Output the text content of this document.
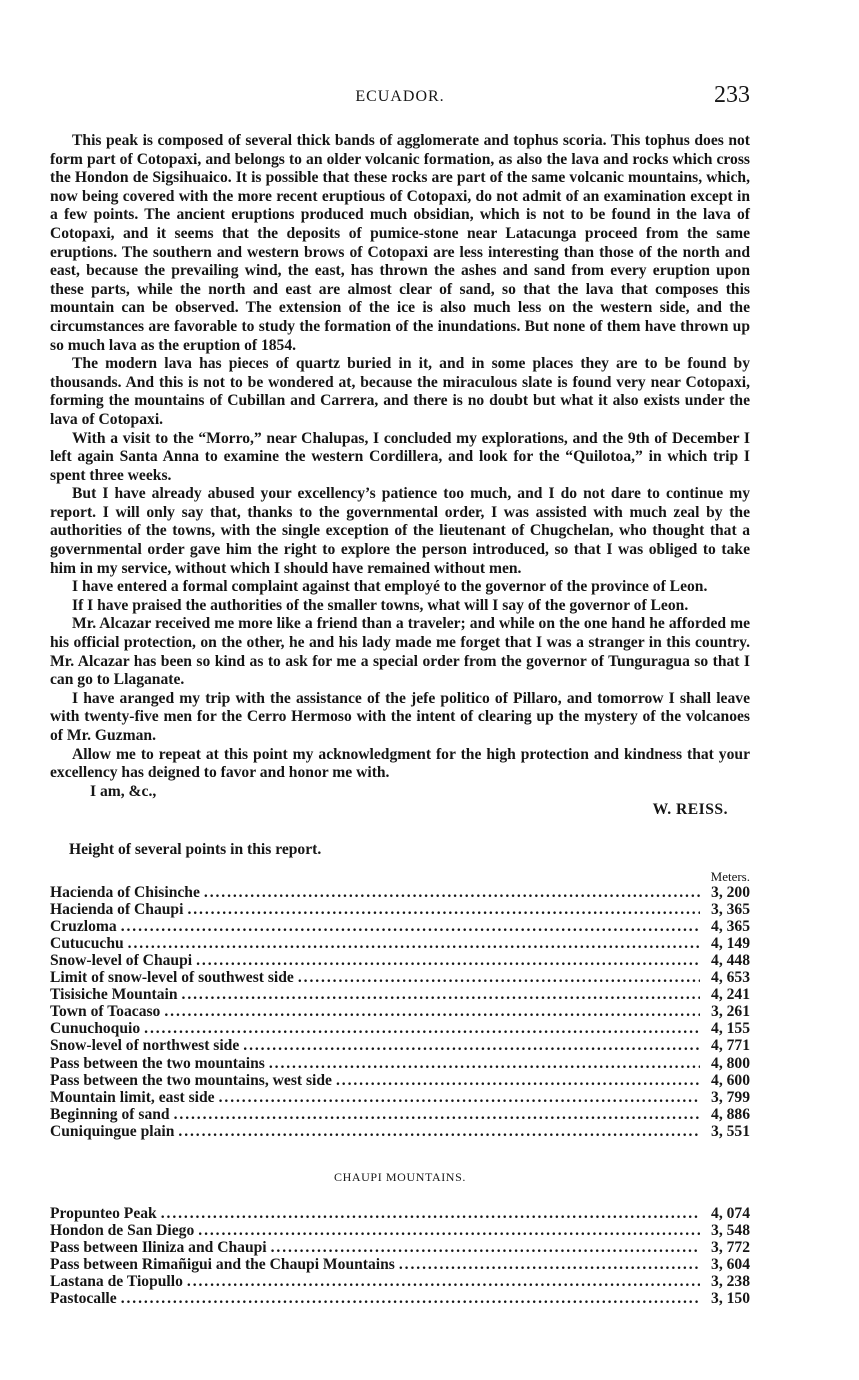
ECUADOR.	233

This peak is composed of several thick bands of agglomerate and tophus scoria. This tophus does not form part of Cotopaxi, and belongs to an older volcanic formation, as also the lava and rocks which cross the Hondon de Sigsihuaico. It is possible that these rocks are part of the same volcanic mountains, which, now being covered with the more recent eruptious of Cotopaxi, do not admit of an examination except in a few points. The ancient eruptions produced much obsidian, which is not to be found in the lava of Cotopaxi, and it seems that the deposits of pumice-stone near Latacunga proceed from the same eruptions. The southern and western brows of Cotopaxi are less interesting than those of the north and east, because the prevailing wind, the east, has thrown the ashes and sand from every eruption upon these parts, while the north and east are almost clear of sand, so that the lava that composes this mountain can be observed. The extension of the ice is also much less on the western side, and the circumstances are favorable to study the formation of the inundations. But none of them have thrown up so much lava as the eruption of 1854.

The modern lava has pieces of quartz buried in it, and in some places they are to be found by thousands. And this is not to be wondered at, because the miraculous slate is found very near Cotopaxi, forming the mountains of Cubillan and Carrera, and there is no doubt but what it also exists under the lava of Cotopaxi.

With a visit to the “Morro,” near Chalupas, I concluded my explorations, and the 9th of December I left again Santa Anna to examine the western Cordillera, and look for the “Quilotoa,” in which trip I spent three weeks.

But I have already abused your excellency’s patience too much, and I do not dare to continue my report. I will only say that, thanks to the governmental order, I was assisted with much zeal by the authorities of the towns, with the single exception of the lieutenant of Chugchelan, who thought that a governmental order gave him the right to explore the person introduced, so that I was obliged to take him in my service, without which I should have remained without men.

I have entered a formal complaint against that employé to the governor of the province of Leon.

If I have praised the authorities of the smaller towns, what will I say of the governor of Leon.

Mr. Alcazar received me more like a friend than a traveler; and while on the one hand he afforded me his official protection, on the other, he and his lady made me forget that I was a stranger in this country. Mr. Alcazar has been so kind as to ask for me a special order from the governor of Tunguragua so that I can go to Llaganate.

I have aranged my trip with the assistance of the jefe politico of Pillaro, and tomorrow I shall leave with twenty-five men for the Cerro Hermoso with the intent of clearing up the mystery of the volcanoes of Mr. Guzman.

Allow me to repeat at this point my acknowledgment for the high protection and kindness that your excellency has deigned to favor and honor me with.

I am, &c.,

W. REISS.

Height of several points in this report.
Meters.
Hacienda of Chisinche . . .	3, 200
Hacienda of Chaupi . . .	3, 365
Cruzloma . . .	4, 365
Cutucuchu . . .	4, 149
Snow-level of Chaupi . . .	4, 448
Limit of snow-level of southwest side . . .	4, 653
Tisisiche Mountain . . .	4, 241
Town of Toacaso . . .	3, 261
Cunuchoquio . . .	4, 155
Snow-level of northwest side . . .	4, 771
Pass between the two mountains . . .	4, 800
Pass between the two mountains, west side . . .	4, 600
Mountain limit, east side . . .	3, 799
Beginning of sand . . .	4, 886
Cuniquingue plain . . .	3, 551
CHAUPI MOUNTAINS.
Propunteo Peak . . .	4, 074
Hondon de San Diego . . .	3, 548
Pass between Iliniza and Chaupi . . .	3, 772
Pass between Rimañigui and the Chaupi Mountains . . .	3, 604
Lastana de Tiopullo . . .	3, 238
Pastocalle . . .	3, 150
